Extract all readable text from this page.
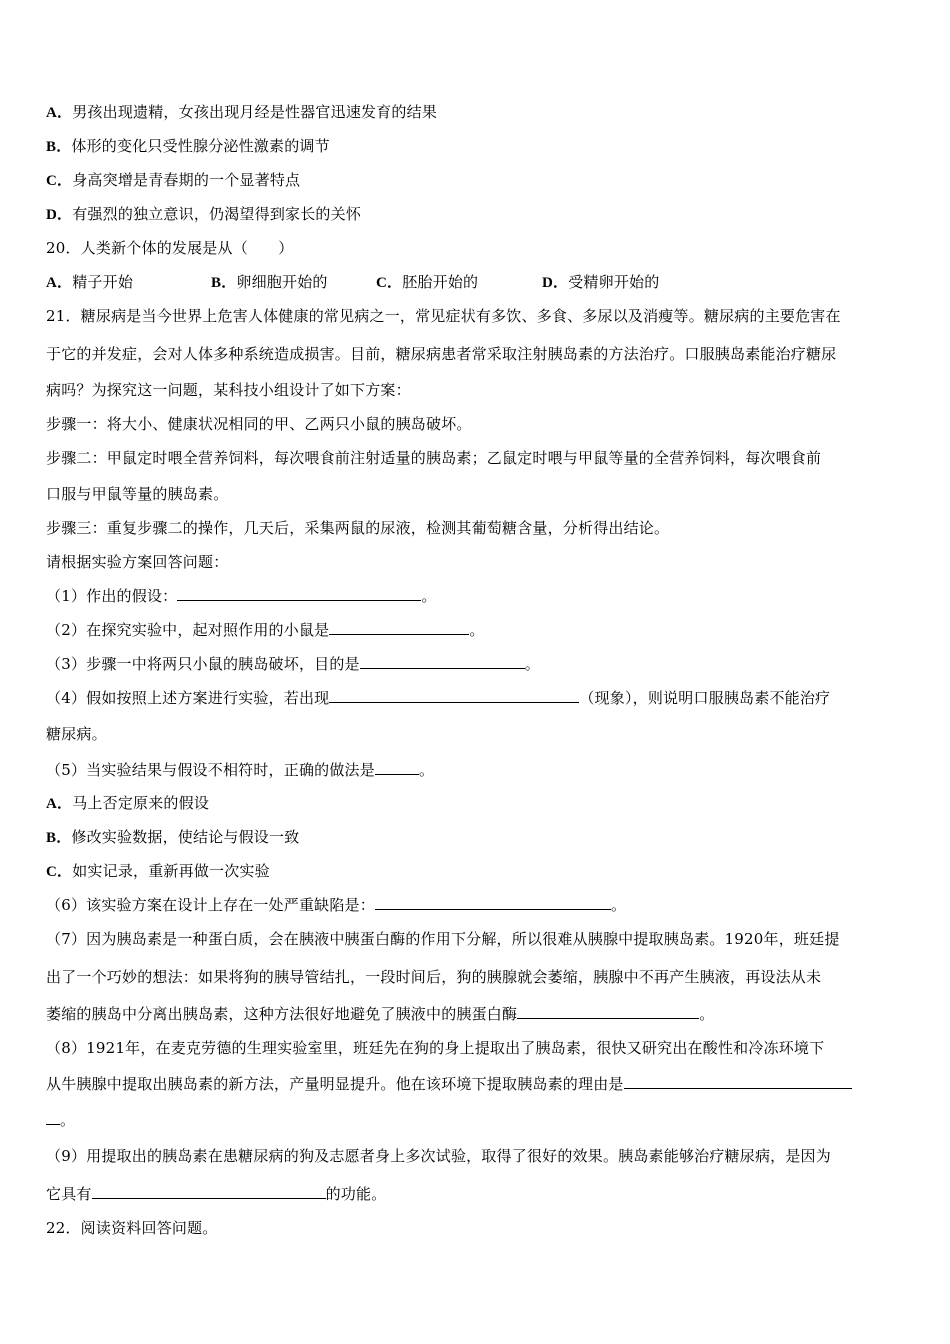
A．男孩出现遗精，女孩出现月经是性器官迅速发育的结果
B．体形的变化只受性腺分泌性激素的调节
C．身高突增是青春期的一个显著特点
D．有强烈的独立意识，仍渴望得到家长的关怀
20．人类新个体的发展是从（　　）
A．精子开始	B．卵细胞开始的	C．胚胎开始的	D．受精卵开始的
21．糖尿病是当今世界上危害人体健康的常见病之一，常见症状有多饮、多食、多尿以及消瘦等。糖尿病的主要危害在
于它的并发症，会对人体多种系统造成损害。目前，糖尿病患者常采取注射胰岛素的方法治疗。口服胰岛素能治疗糖尿
病吗？为探究这一问题，某科技小组设计了如下方案：
步骤一：将大小、健康状况相同的甲、乙两只小鼠的胰岛破坏。
步骤二：甲鼠定时喂全营养饲料，每次喂食前注射适量的胰岛素；乙鼠定时喂与甲鼠等量的全营养饲料，每次喂食前
口服与甲鼠等量的胰岛素。
步骤三：重复步骤二的操作，几天后，采集两鼠的尿液，检测其葡萄糖含量，分析得出结论。
请根据实验方案回答问题：
（1）作出的假设：	。
（2）在探究实验中，起对照作用的小鼠是	。
（3）步骤一中将两只小鼠的胰岛破坏，目的是	。
（4）假如按照上述方案进行实验，若出现	（现象），则说明口服胰岛素不能治疗
糖尿病。
（5）当实验结果与假设不相符时，正确的做法是	。
A．马上否定原来的假设
B．修改实验数据，使结论与假设一致
C．如实记录，重新再做一次实验
（6）该实验方案在设计上存在一处严重缺陷是：	。
（7）因为胰岛素是一种蛋白质，会在胰液中胰蛋白酶的作用下分解，所以很难从胰腺中提取胰岛素。1920年，班廷提
出了一个巧妙的想法：如果将狗的胰导管结扎，一段时间后，狗的胰腺就会萎缩，胰腺中不再产生胰液，再设法从未
萎缩的胰岛中分离出胰岛素，这种方法很好地避免了胰液中的胰蛋白酶	。
（8）1921年，在麦克劳德的生理实验室里，班廷先在狗的身上提取出了胰岛素，很快又研究出在酸性和冷冻环境下
从牛胰腺中提取出胰岛素的新方法，产量明显提升。他在该环境下提取胰岛素的理由是
。
（9）用提取出的胰岛素在患糖尿病的狗及志愿者身上多次试验，取得了很好的效果。胰岛素能够治疗糖尿病，是因为
它具有	的功能。
22．阅读资料回答问题。
